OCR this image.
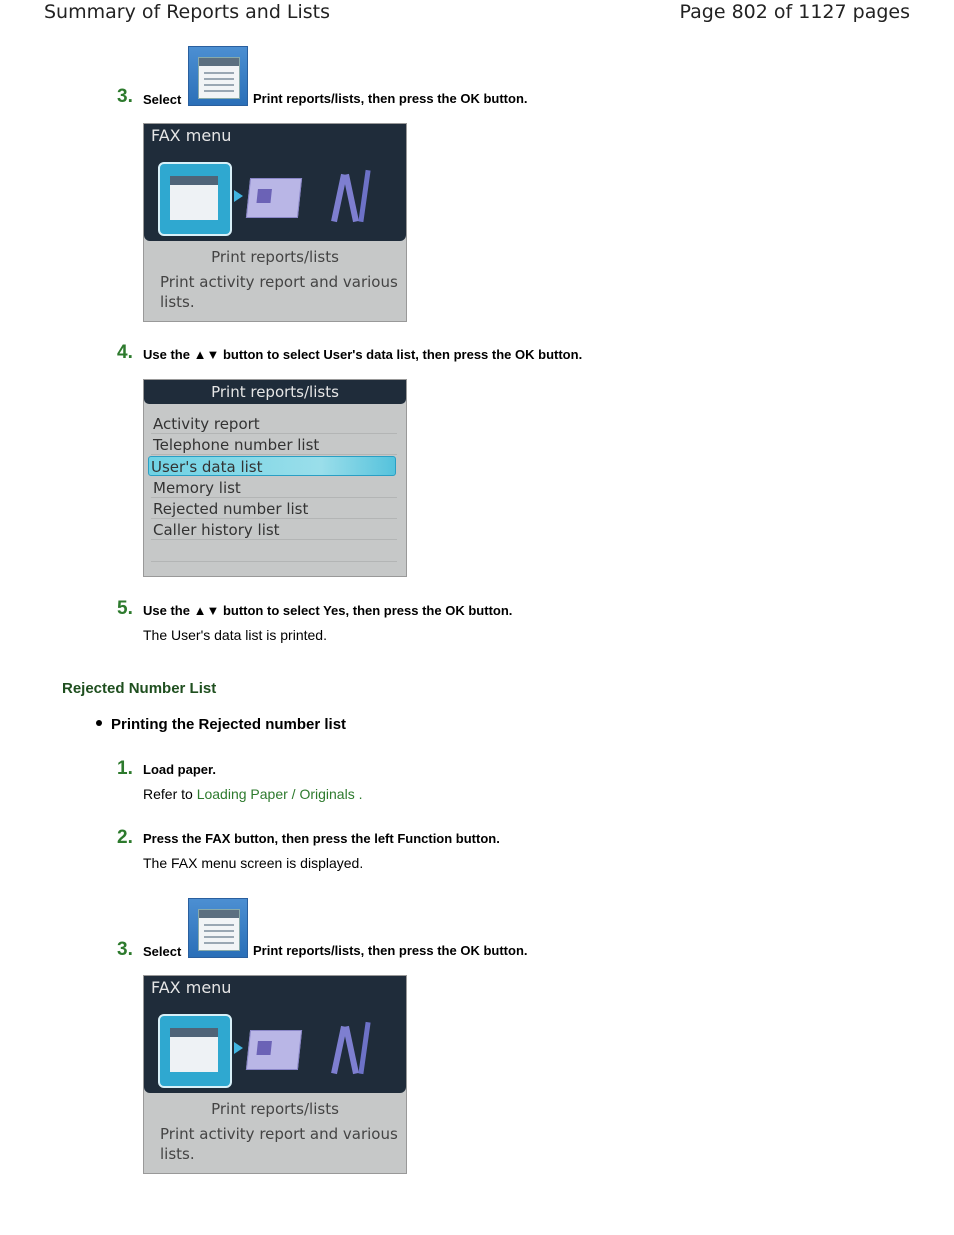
Summary of Reports and Lists	Page 802 of 1127 pages
3. Select	Print reports/lists, then press the OK button.
FAX menu
Print reports/lists
Print activity report and various lists.
4. Use the ▲▼ button to select User's data list, then press the OK button.
Print reports/lists
Activity report
Telephone number list
User's data list
Memory list
Rejected number list
Caller history list
5. Use the ▲▼ button to select Yes, then press the OK button.
The User's data list is printed.
Rejected Number List
Printing the Rejected number list
1. Load paper.
Refer to Loading Paper / Originals .
2. Press the FAX button, then press the left Function button.
The FAX menu screen is displayed.
3. Select	Print reports/lists, then press the OK button.
FAX menu
Print reports/lists
Print activity report and various lists.
